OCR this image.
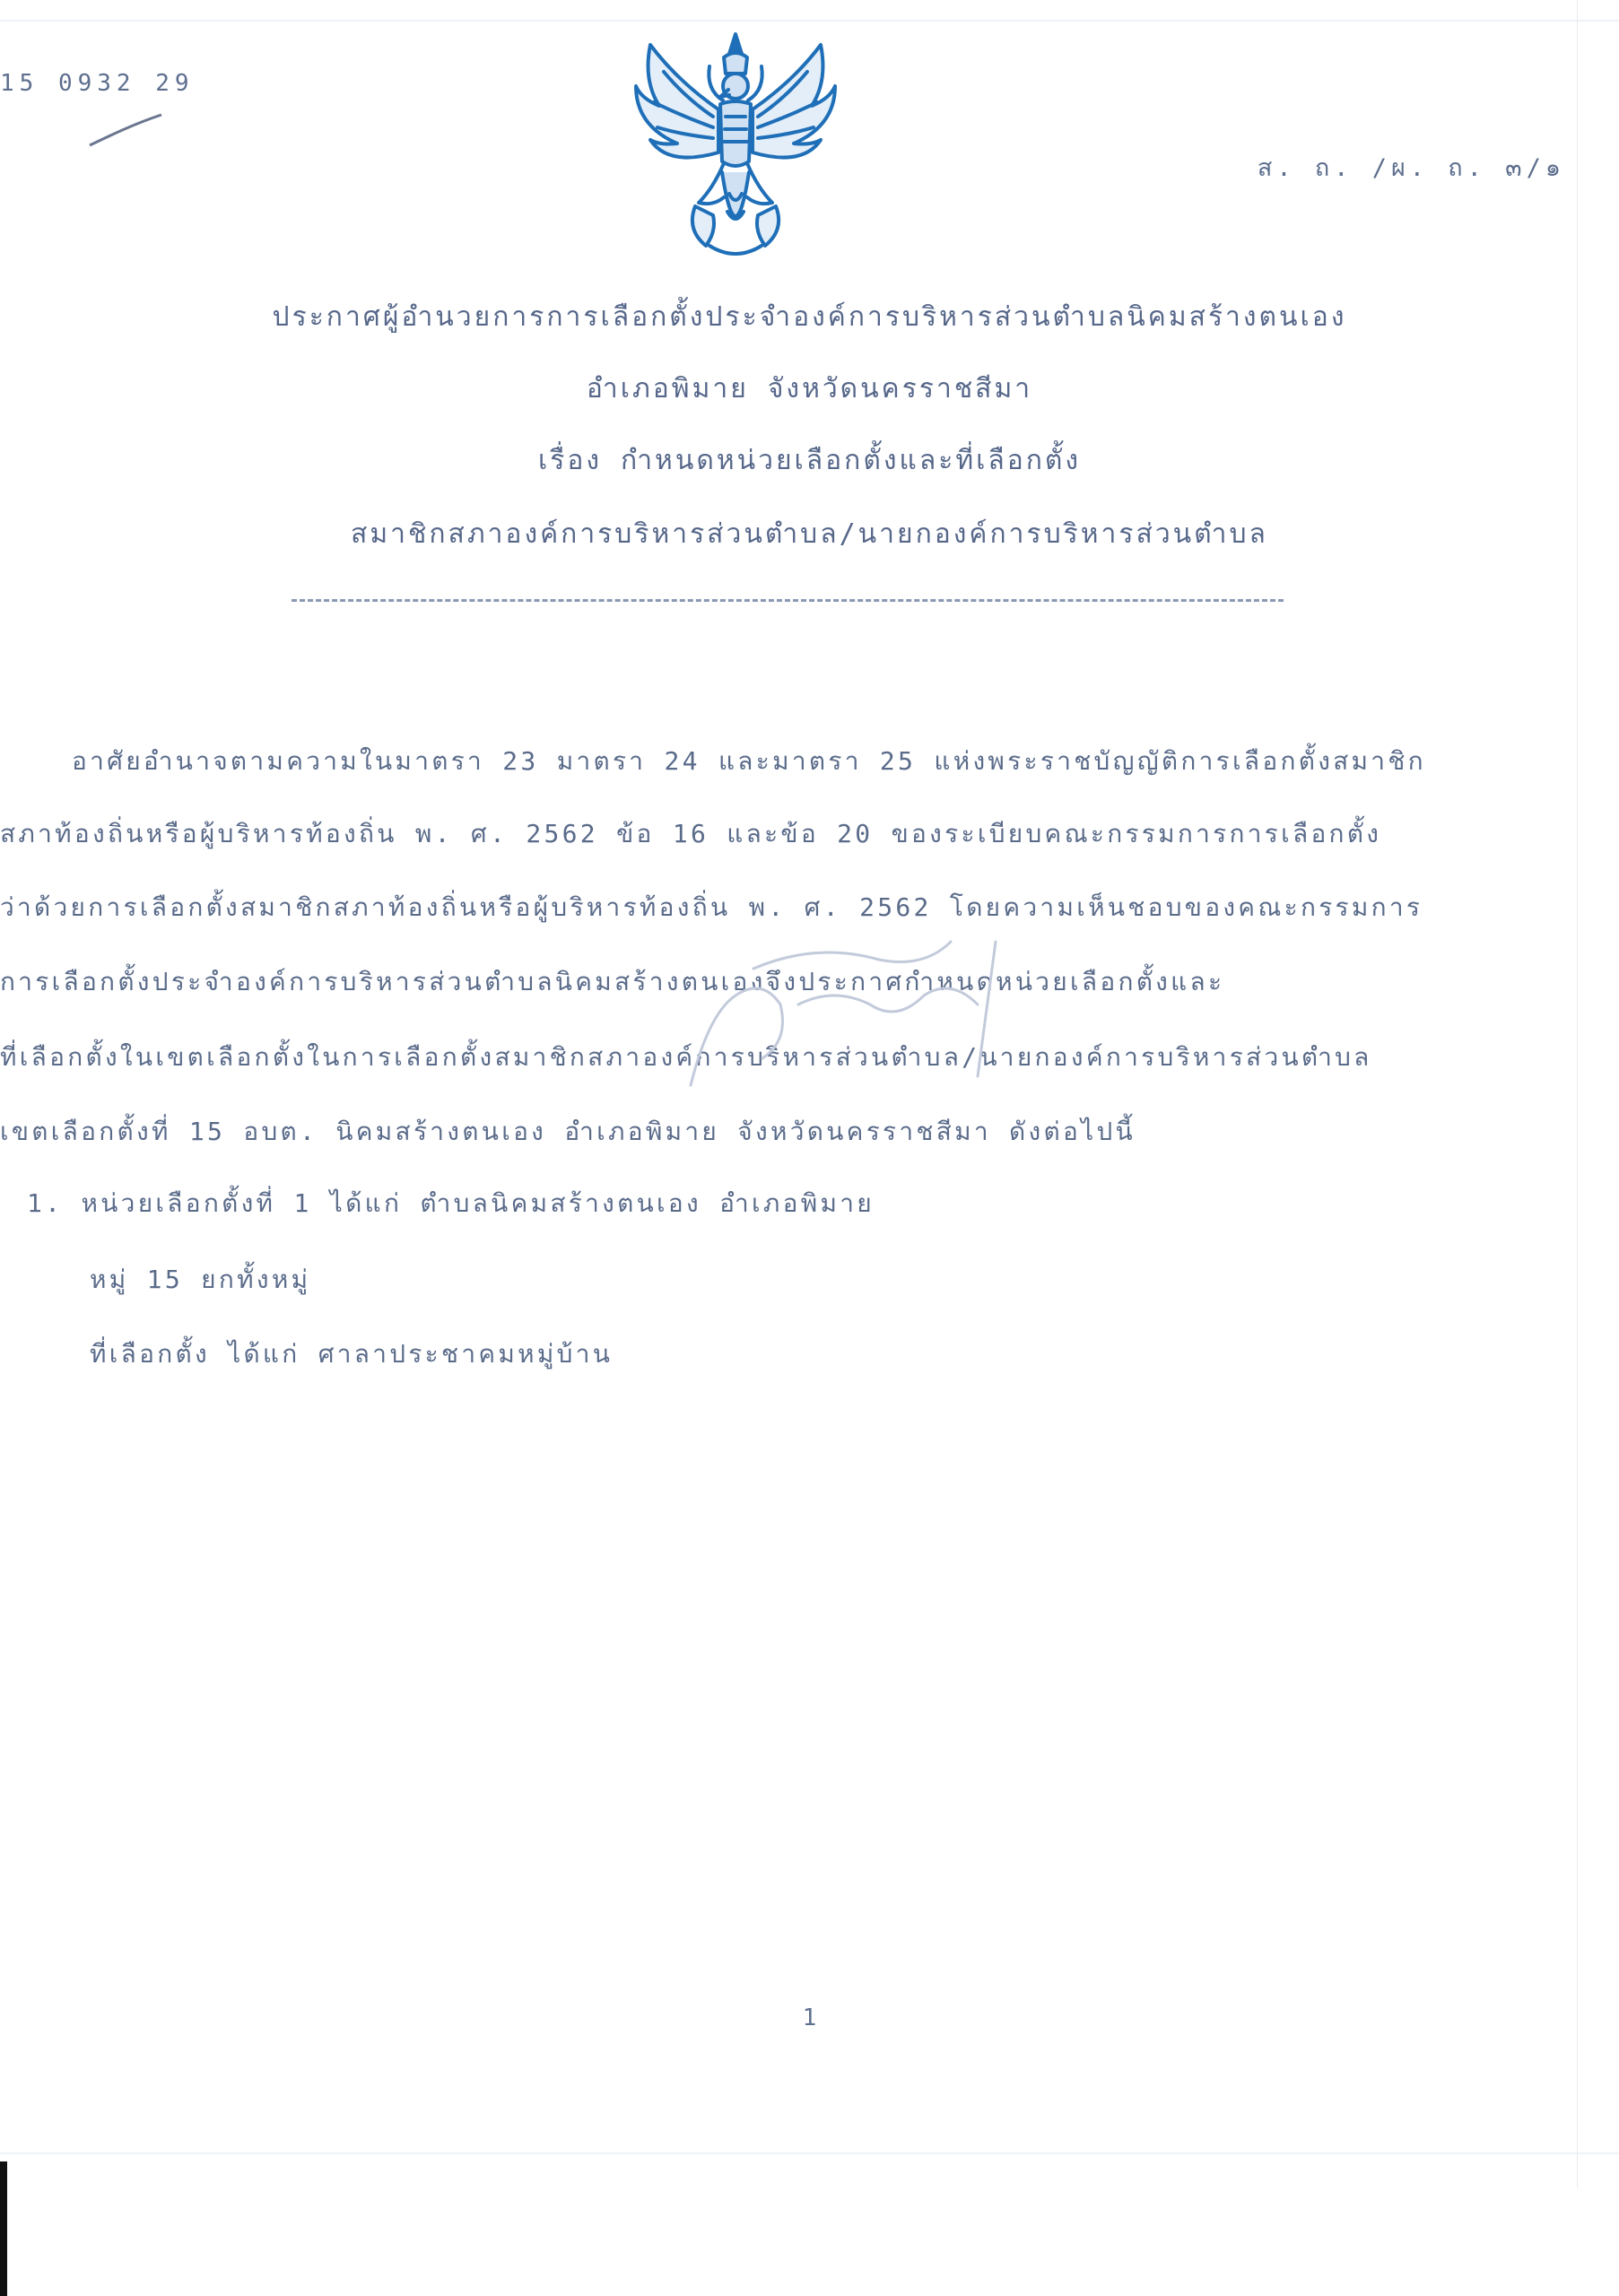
15 0932 29
ส. ถ. /ผ. ถ. ๓/๑
ประกาศผู้อำนวยการการเลือกตั้งประจำองค์การบริหารส่วนตำบลนิคมสร้างตนเอง
อำเภอพิมาย จังหวัดนครราชสีมา
เรื่อง กำหนดหน่วยเลือกตั้งและที่เลือกตั้ง
สมาชิกสภาองค์การบริหารส่วนตำบล/นายกองค์การบริหารส่วนตำบล
อาศัยอำนาจตามความในมาตรา 23 มาตรา 24 และมาตรา 25 แห่งพระราชบัญญัติการเลือกตั้งสมาชิก
สภาท้องถิ่นหรือผู้บริหารท้องถิ่น พ. ศ. 2562 ข้อ 16 และข้อ 20 ของระเบียบคณะกรรมการการเลือกตั้ง
ว่าด้วยการเลือกตั้งสมาชิกสภาท้องถิ่นหรือผู้บริหารท้องถิ่น พ. ศ. 2562 โดยความเห็นชอบของคณะกรรมการ
การเลือกตั้งประจำองค์การบริหารส่วนตำบลนิคมสร้างตนเองจึงประกาศกำหนดหน่วยเลือกตั้งและ
ที่เลือกตั้งในเขตเลือกตั้งในการเลือกตั้งสมาชิกสภาองค์การบริหารส่วนตำบล/นายกองค์การบริหารส่วนตำบล
เขตเลือกตั้งที่ 15 อบต. นิคมสร้างตนเอง อำเภอพิมาย จังหวัดนครราชสีมา ดังต่อไปนี้
1. หน่วยเลือกตั้งที่ 1 ได้แก่ ตำบลนิคมสร้างตนเอง อำเภอพิมาย
หมู่ 15 ยกทั้งหมู่
ที่เลือกตั้ง ได้แก่ ศาลาประชาคมหมู่บ้าน
1
